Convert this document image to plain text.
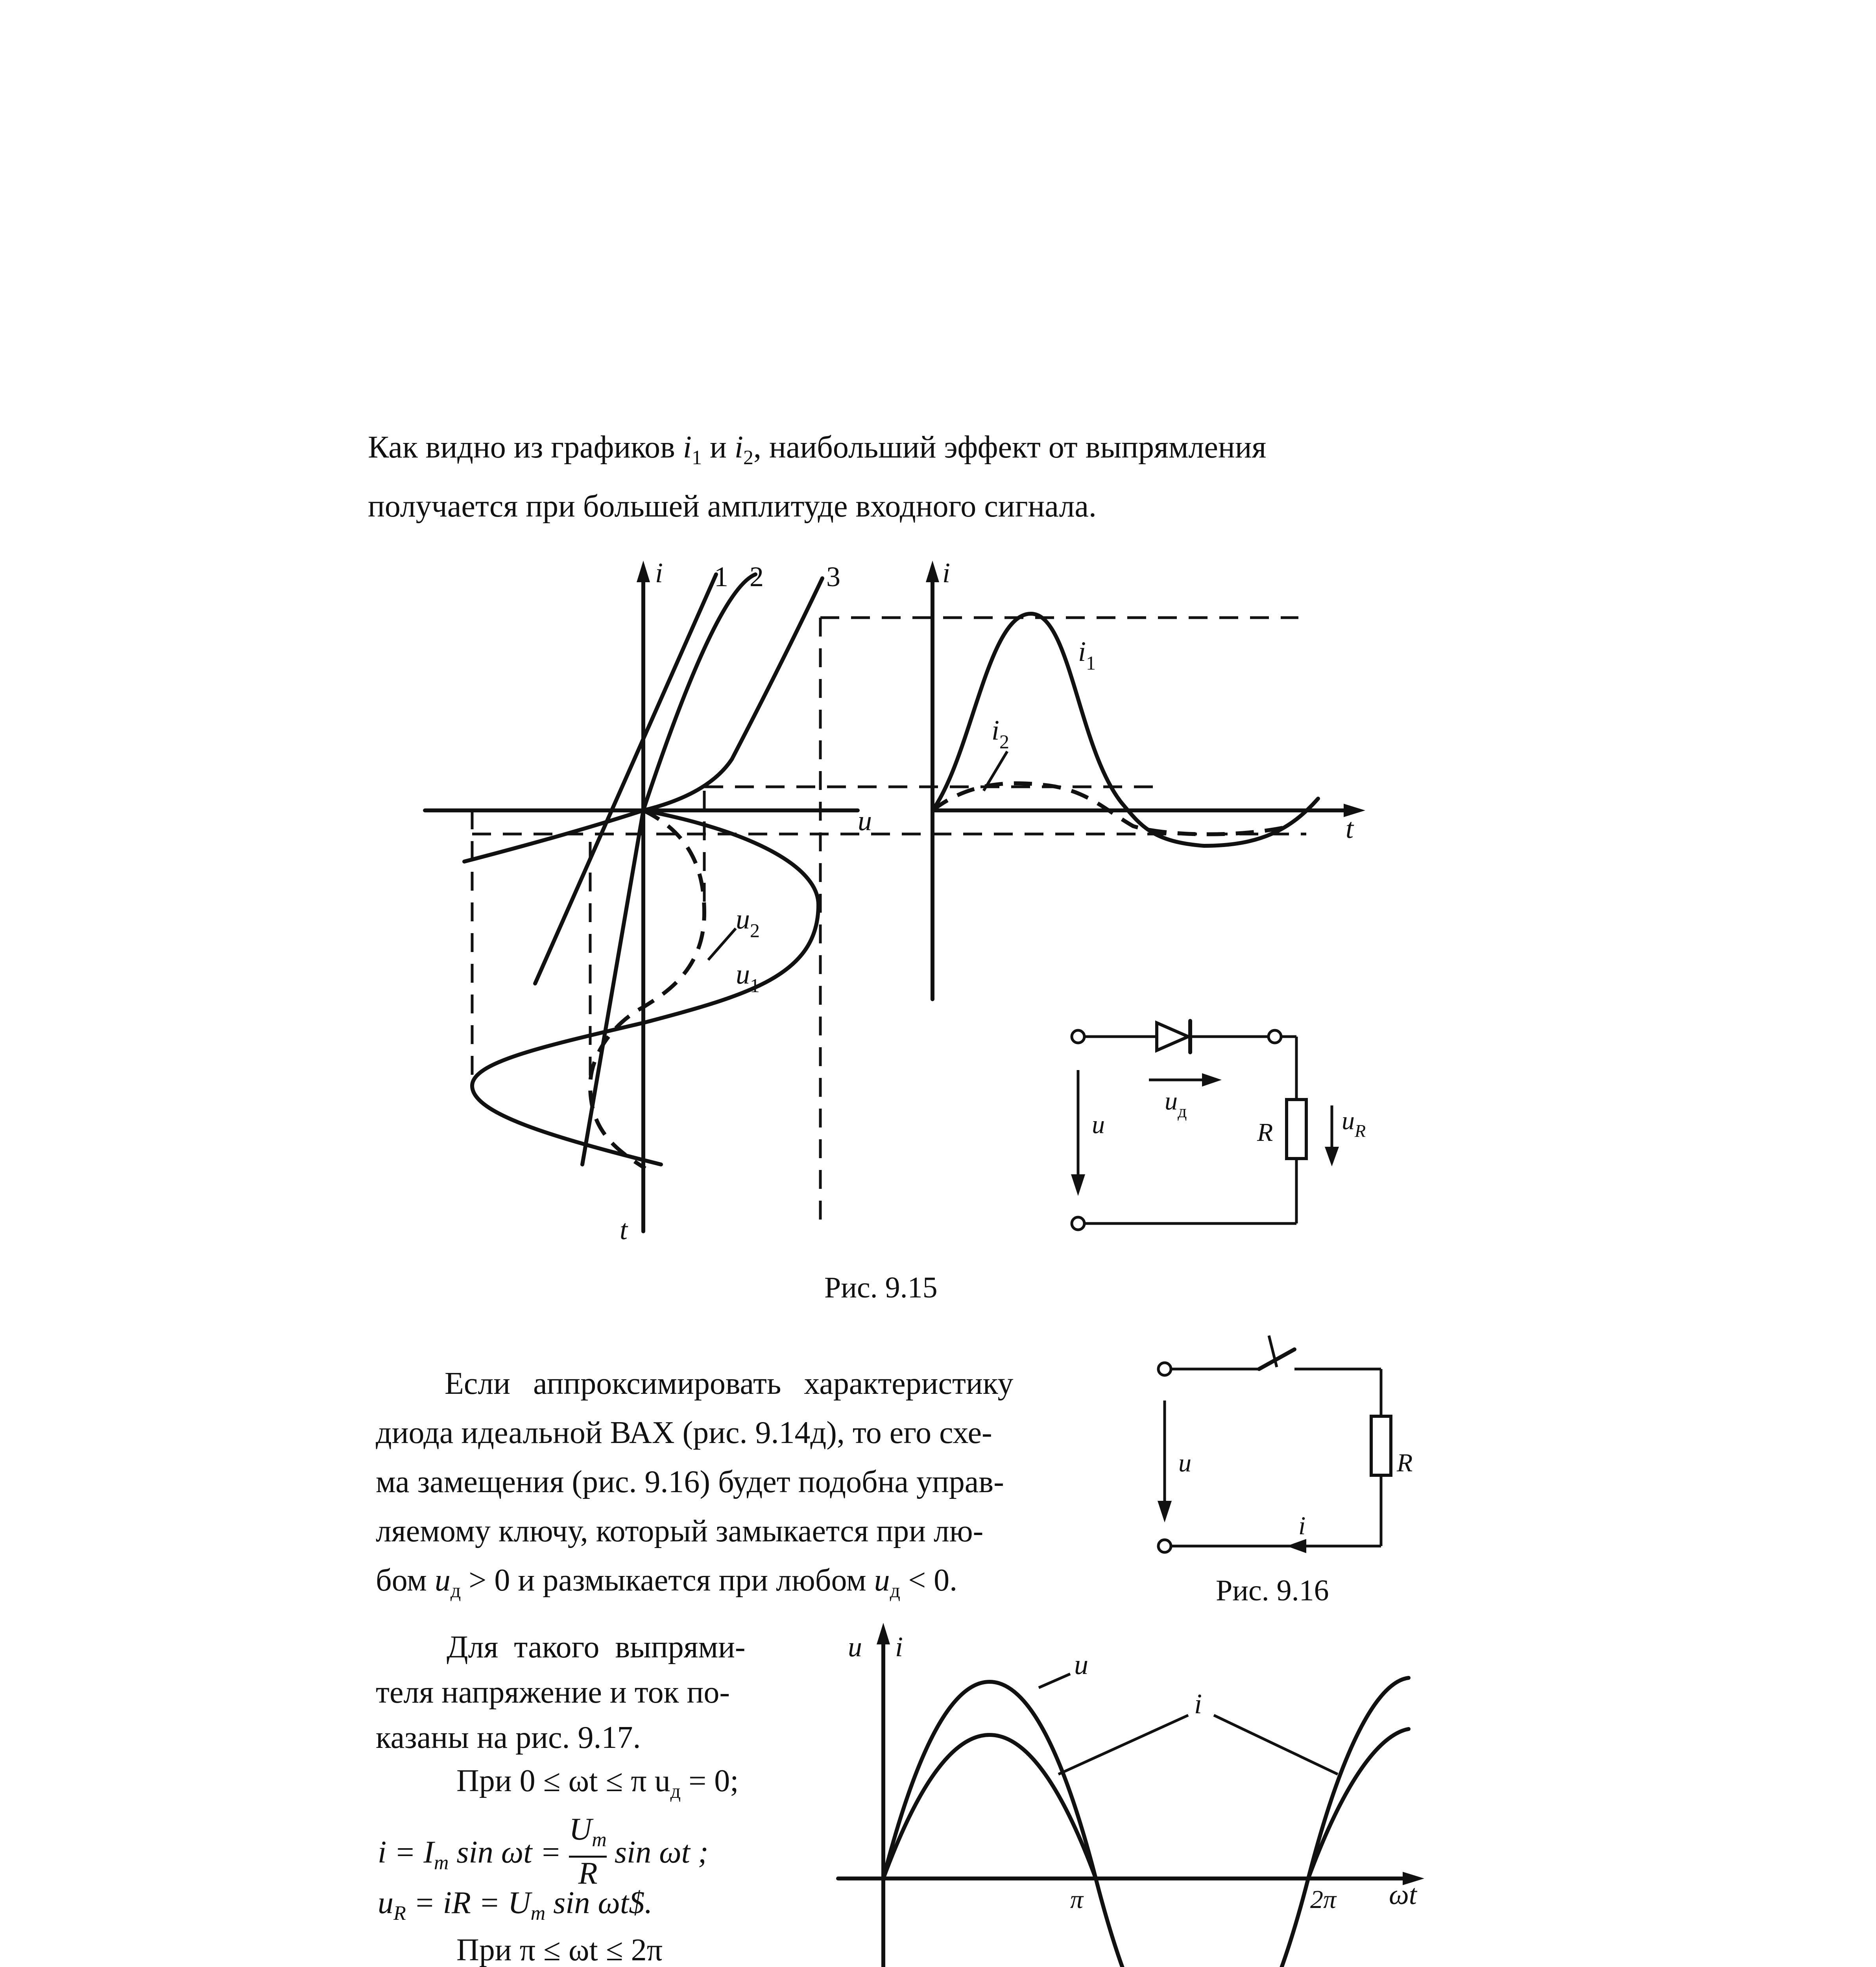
Как видно из графиков $i_1$ и $i_2$, наибольший эффект от выпрямления
получается при большей амплитуде входного сигнала.
i 1 2 3	i
u	t
t
$i_1$
$i_2$
$u_2$
$u_1$
u
$u_д$
R	$u_R$
Рис. 9.15
Если аппроксимировать характеристику
диода идеальной ВАХ (рис. 9.14д), то его схе-
ма замещения (рис. 9.16) будет подобна управ-
ляемому ключу, который замыкается при лю-
бом $u_д > 0$ и размыкается при любом $u_д < 0$.
u	R
i
Рис. 9.16
Для такого выпрями-
теля напряжение и ток по-
казаны на рис. 9.17.
При 0 ≤ ωt ≤ π $u_д = 0$;
$i = I_m$ $\sin \omega t = \frac{U_m}{R}$ sin ωt ;
$u_R$ = iR = $U_m$ sin ωt$.
При π ≤ ωt ≤ 2π
u i
u
i
π	2π ωt
